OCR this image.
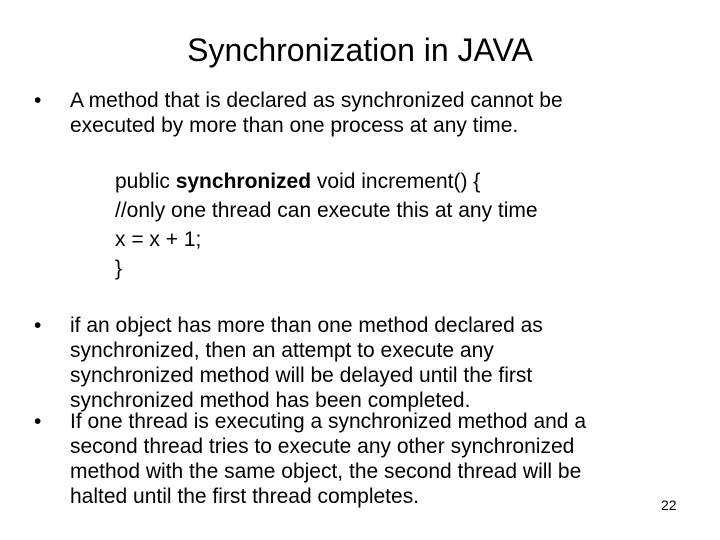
Synchronization in JAVA
• A method that is declared as synchronized cannot be
executed by more than one process at any time.
public synchronized void increment() {
//only one thread can execute this at any time
x = x + 1;
}
• if an object has more than one method declared as
synchronized, then an attempt to execute any
synchronized method will be delayed until the first
synchronized method has been completed.
• If one thread is executing a synchronized method and a
second thread tries to execute any other synchronized
method with the same object, the second thread will be
halted until the first thread completes.	22
